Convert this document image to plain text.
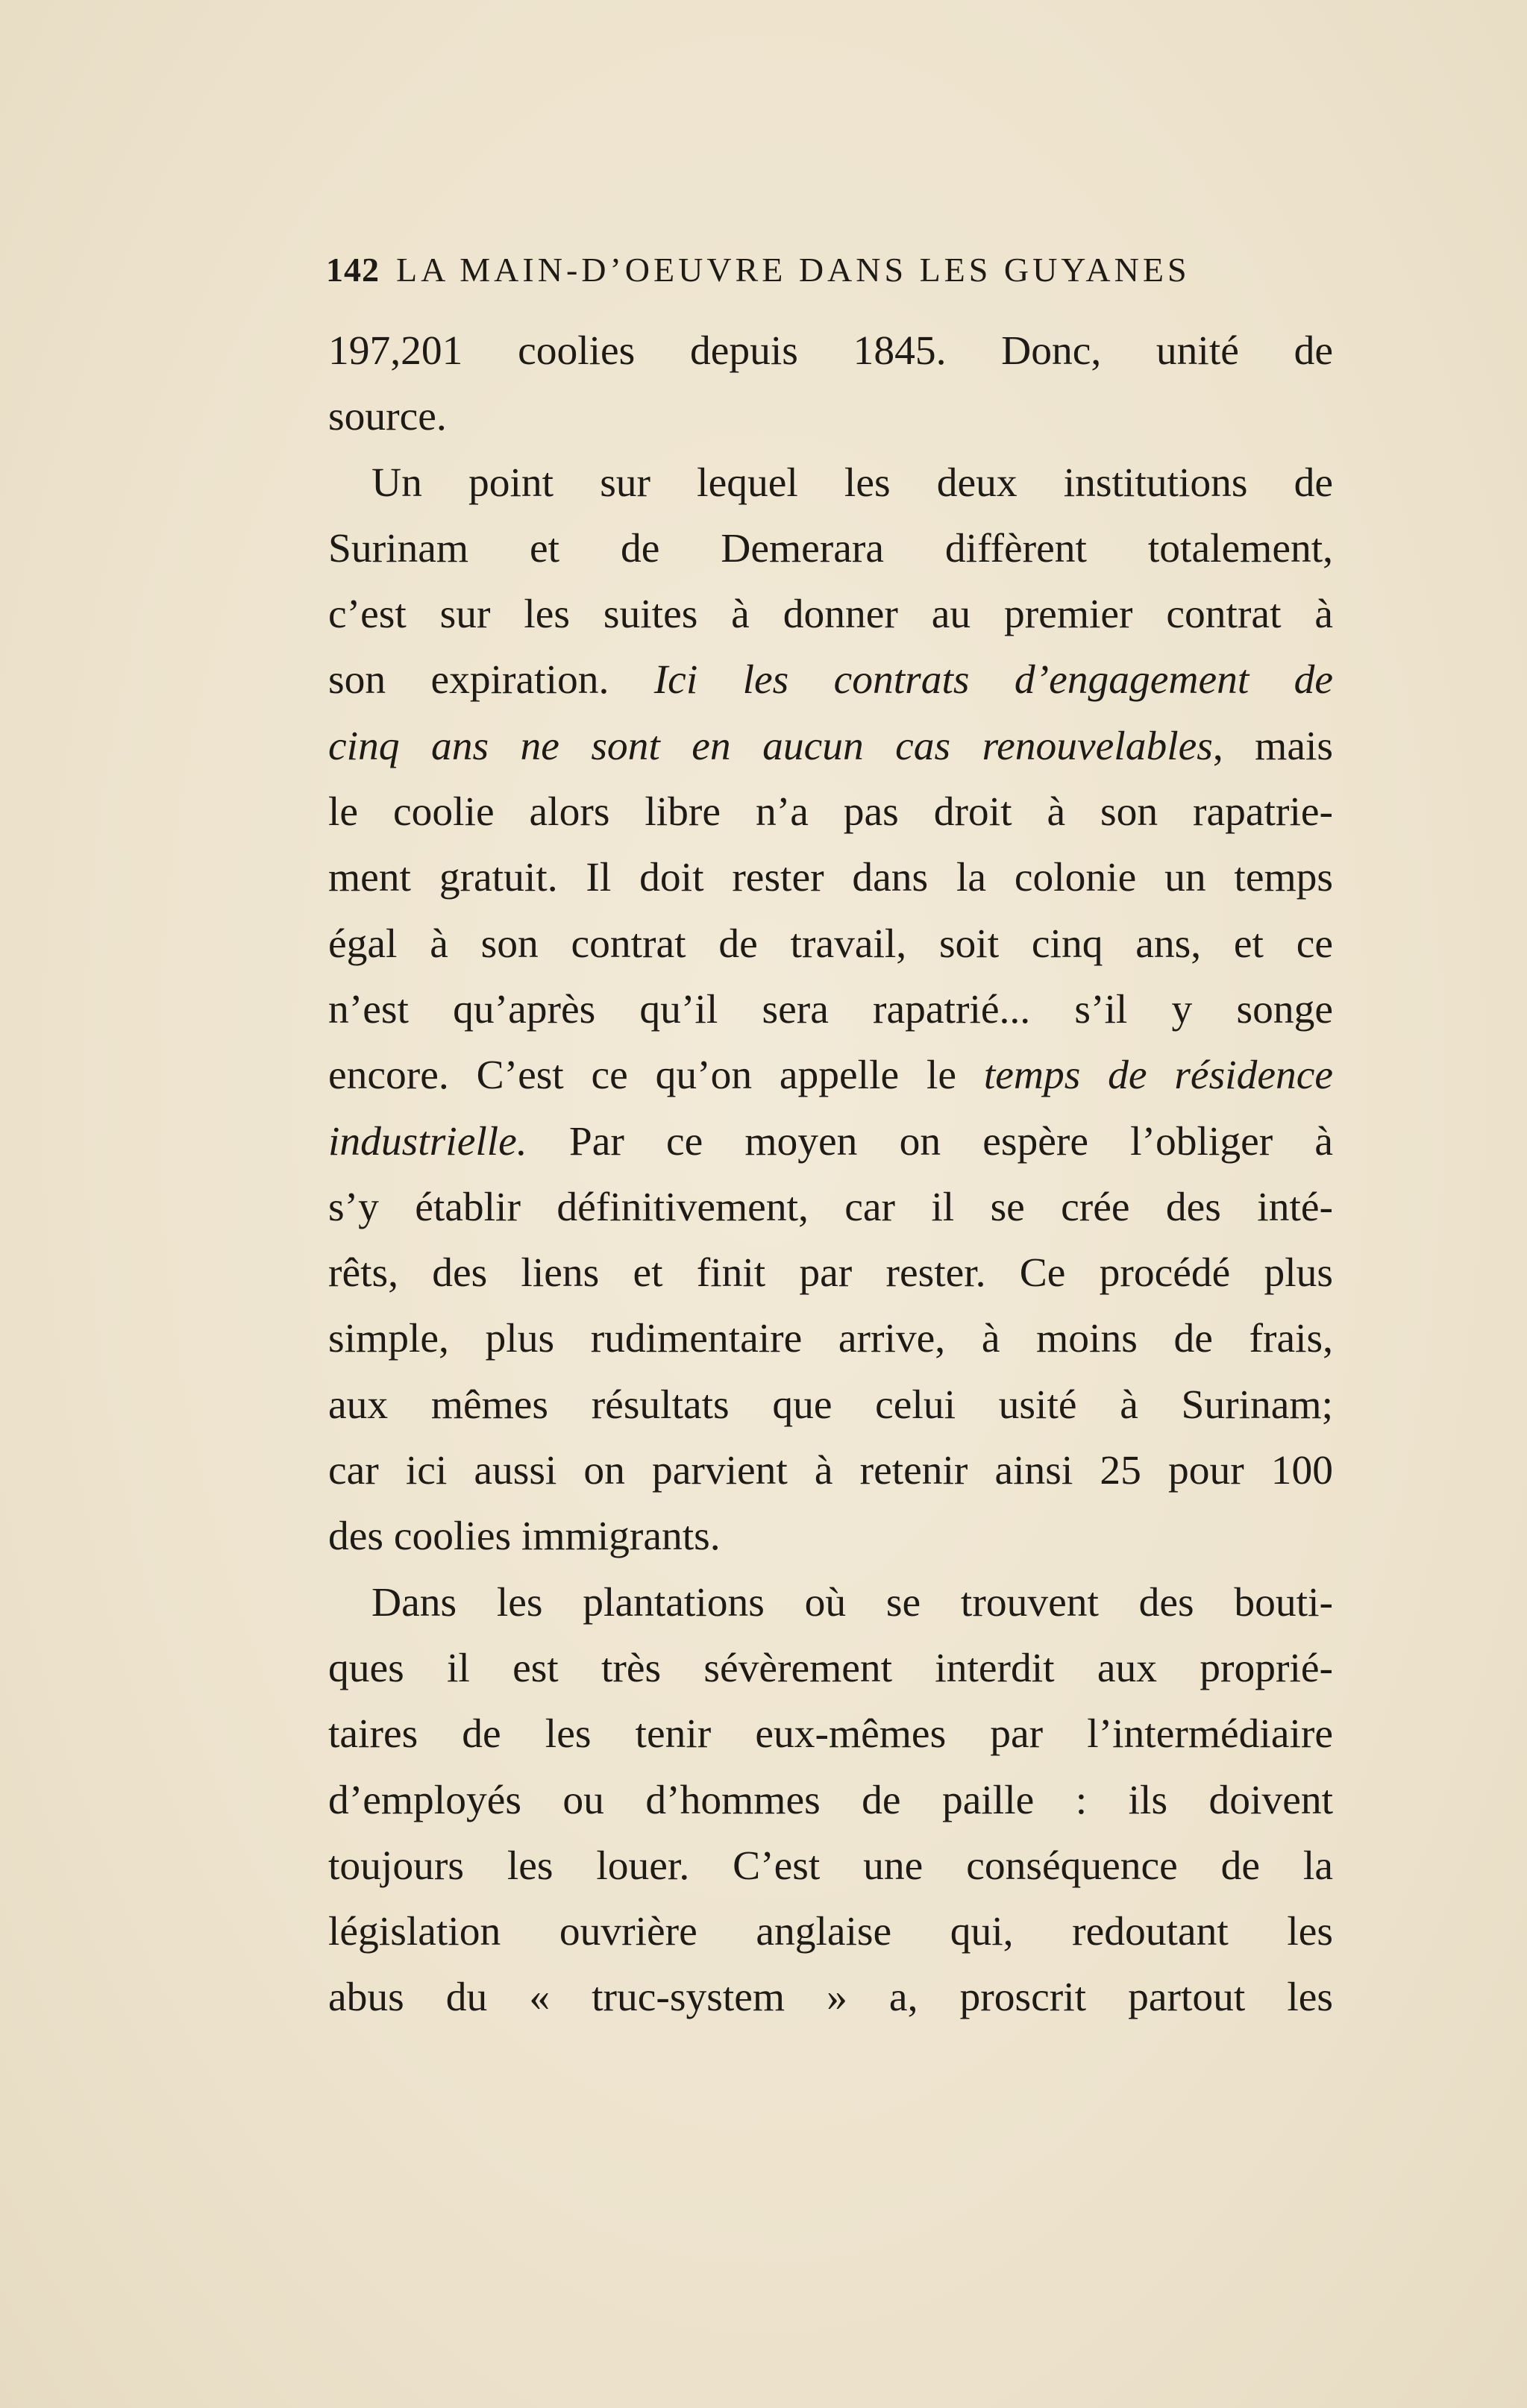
142 LA MAIN-D’OEUVRE DANS LES GUYANES
197,201 coolies depuis 1845. Donc, unité de
source.
Un point sur lequel les deux institutions de
Surinam et de Demerara diffèrent totalement,
c’est sur les suites à donner au premier contrat à
son expiration. Ici les contrats d’engagement de
cinq ans ne sont en aucun cas renouvelables, mais
le coolie alors libre n’a pas droit à son rapatrie-
ment gratuit. Il doit rester dans la colonie un temps
égal à son contrat de travail, soit cinq ans, et ce
n’est qu’après qu’il sera rapatrié... s’il y songe
encore. C’est ce qu’on appelle le temps de résidence
industrielle. Par ce moyen on espère l’obliger à
s’y établir définitivement, car il se crée des inté-
rêts, des liens et finit par rester. Ce procédé plus
simple, plus rudimentaire arrive, à moins de frais,
aux mêmes résultats que celui usité à Surinam;
car ici aussi on parvient à retenir ainsi 25 pour 100
des coolies immigrants.
Dans les plantations où se trouvent des bouti-
ques il est très sévèrement interdit aux proprié-
taires de les tenir eux-mêmes par l’intermédiaire
d’employés ou d’hommes de paille : ils doivent
toujours les louer. C’est une conséquence de la
législation ouvrière anglaise qui, redoutant les
abus du « truc-system » a, proscrit partout les
